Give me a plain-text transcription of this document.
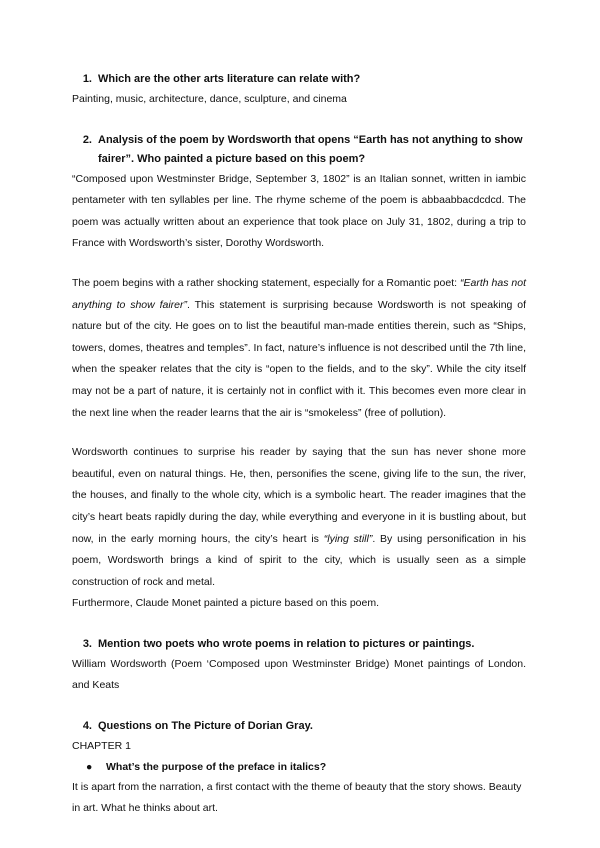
1. Which are the other arts literature can relate with?

Painting, music, architecture, dance, sculpture, and cinema

2. Analysis of the poem by Wordsworth that opens “Earth has not anything to show fairer”. Who painted a picture based on this poem?

“Composed upon Westminster Bridge, September 3, 1802” is an Italian sonnet, written in iambic pentameter with ten syllables per line. The rhyme scheme of the poem is abbaabbacdcdcd. The poem was actually written about an experience that took place on July 31, 1802, during a trip to France with Wordsworth’s sister, Dorothy Wordsworth.

The poem begins with a rather shocking statement, especially for a Romantic poet: “Earth has not anything to show fairer”. This statement is surprising because Wordsworth is not speaking of nature but of the city. He goes on to list the beautiful man-made entities therein, such as “Ships, towers, domes, theatres and temples”. In fact, nature’s influence is not described until the 7th line, when the speaker relates that the city is “open to the fields, and to the sky”. While the city itself may not be a part of nature, it is certainly not in conflict with it. This becomes even more clear in the next line when the reader learns that the air is “smokeless” (free of pollution).

Wordsworth continues to surprise his reader by saying that the sun has never shone more beautiful, even on natural things. He, then, personifies the scene, giving life to the sun, the river, the houses, and finally to the whole city, which is a symbolic heart. The reader imagines that the city’s heart beats rapidly during the day, while everything and everyone in it is bustling about, but now, in the early morning hours, the city’s heart is “lying still”. By using personification in his poem, Wordsworth brings a kind of spirit to the city, which is usually seen as a simple construction of rock and metal.

Furthermore, Claude Monet painted a picture based on this poem.

3. Mention two poets who wrote poems in relation to pictures or paintings.

William Wordsworth (Poem ‘Composed upon Westminster Bridge) Monet paintings of London. and Keats

4. Questions on The Picture of Dorian Gray.

CHAPTER 1

●	What’s the purpose of the preface in italics?

It is apart from the narration, a first contact with the theme of beauty that the story shows. Beauty in art. What he thinks about art.
